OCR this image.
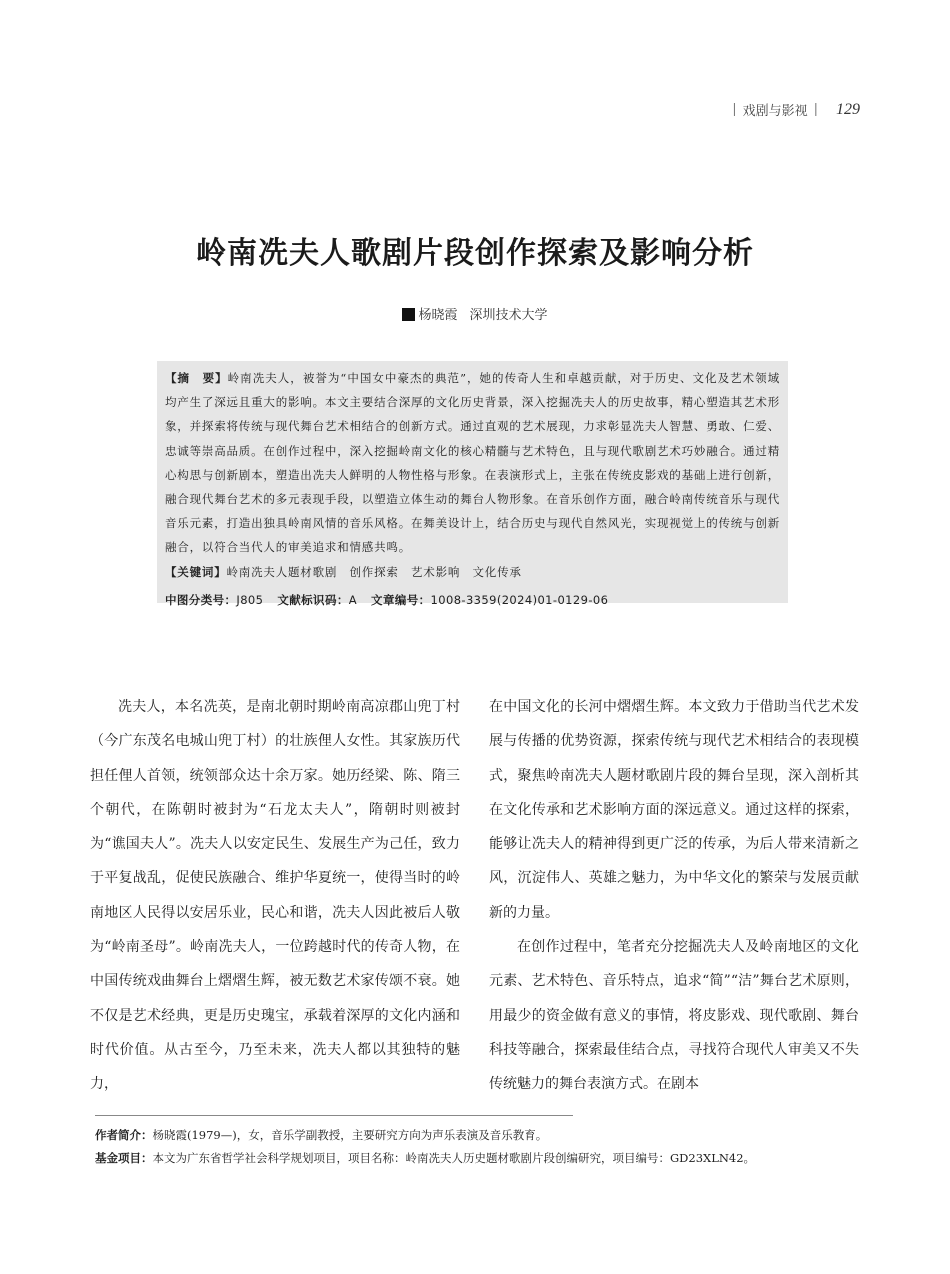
| 戏剧与影视 | 129
岭南冼夫人歌剧片段创作探索及影响分析
杨晓霞 深圳技术大学
【摘　要】岭南冼夫人，被誉为“中国女中豪杰的典范”，她的传奇人生和卓越贡献，对于历史、文化及艺术领域均产生了深远且重大的影响。本文主要结合深厚的文化历史背景，深入挖掘冼夫人的历史故事，精心塑造其艺术形象，并探索将传统与现代舞台艺术相结合的创新方式。通过直观的艺术展现，力求彰显冼夫人智慧、勇敢、仁爱、忠诚等崇高品质。在创作过程中，深入挖掘岭南文化的核心精髓与艺术特色，且与现代歌剧艺术巧妙融合。通过精心构思与创新剧本，塑造出冼夫人鲜明的人物性格与形象。在表演形式上，主张在传统皮影戏的基础上进行创新，融合现代舞台艺术的多元表现手段，以塑造立体生动的舞台人物形象。在音乐创作方面，融合岭南传统音乐与现代音乐元素，打造出独具岭南风情的音乐风格。在舞美设计上，结合历史与现代自然风光，实现视觉上的传统与创新融合，以符合当代人的审美追求和情感共鸣。
【关键词】岭南冼夫人题材歌剧　创作探索　艺术影响　文化传承
中图分类号：J805 文献标识码：A 文章编号：1008-3359(2024)01-0129-06

冼夫人，本名冼英，是南北朝时期岭南高凉郡山兜丁村（今广东茂名电城山兜丁村）的壮族俚人女性。其家族历代担任俚人首领，统领部众达十余万家。她历经梁、陈、隋三个朝代，在陈朝时被封为“石龙太夫人”，隋朝时则被封为“谯国夫人”。冼夫人以安定民生、发展生产为己任，致力于平复战乱，促使民族融合、维护华夏统一，使得当时的岭南地区人民得以安居乐业，民心和谐，冼夫人因此被后人敬为“岭南圣母”。岭南冼夫人，一位跨越时代的传奇人物，在中国传统戏曲舞台上熠熠生辉，被无数艺术家传颂不衰。她不仅是艺术经典，更是历史瑰宝，承载着深厚的文化内涵和时代价值。从古至今，乃至未来，冼夫人都以其独特的魅力，

在中国文化的长河中熠熠生辉。本文致力于借助当代艺术发展与传播的优势资源，探索传统与现代艺术相结合的表现模式，聚焦岭南冼夫人题材歌剧片段的舞台呈现，深入剖析其在文化传承和艺术影响方面的深远意义。通过这样的探索，能够让冼夫人的精神得到更广泛的传承，为后人带来清新之风，沉淀伟人、英雄之魅力，为中华文化的繁荣与发展贡献新的力量。

在创作过程中，笔者充分挖掘冼夫人及岭南地区的文化元素、艺术特色、音乐特点，追求“简”“洁”舞台艺术原则，用最少的资金做有意义的事情，将皮影戏、现代歌剧、舞台科技等融合，探索最佳结合点，寻找符合现代人审美又不失传统魅力的舞台表演方式。在剧本

作者简介：杨晓霞(1979—)，女，音乐学副教授，主要研究方向为声乐表演及音乐教育。
基金项目：本文为广东省哲学社会科学规划项目，项目名称：岭南冼夫人历史题材歌剧片段创编研究，项目编号：GD23XLN42。
